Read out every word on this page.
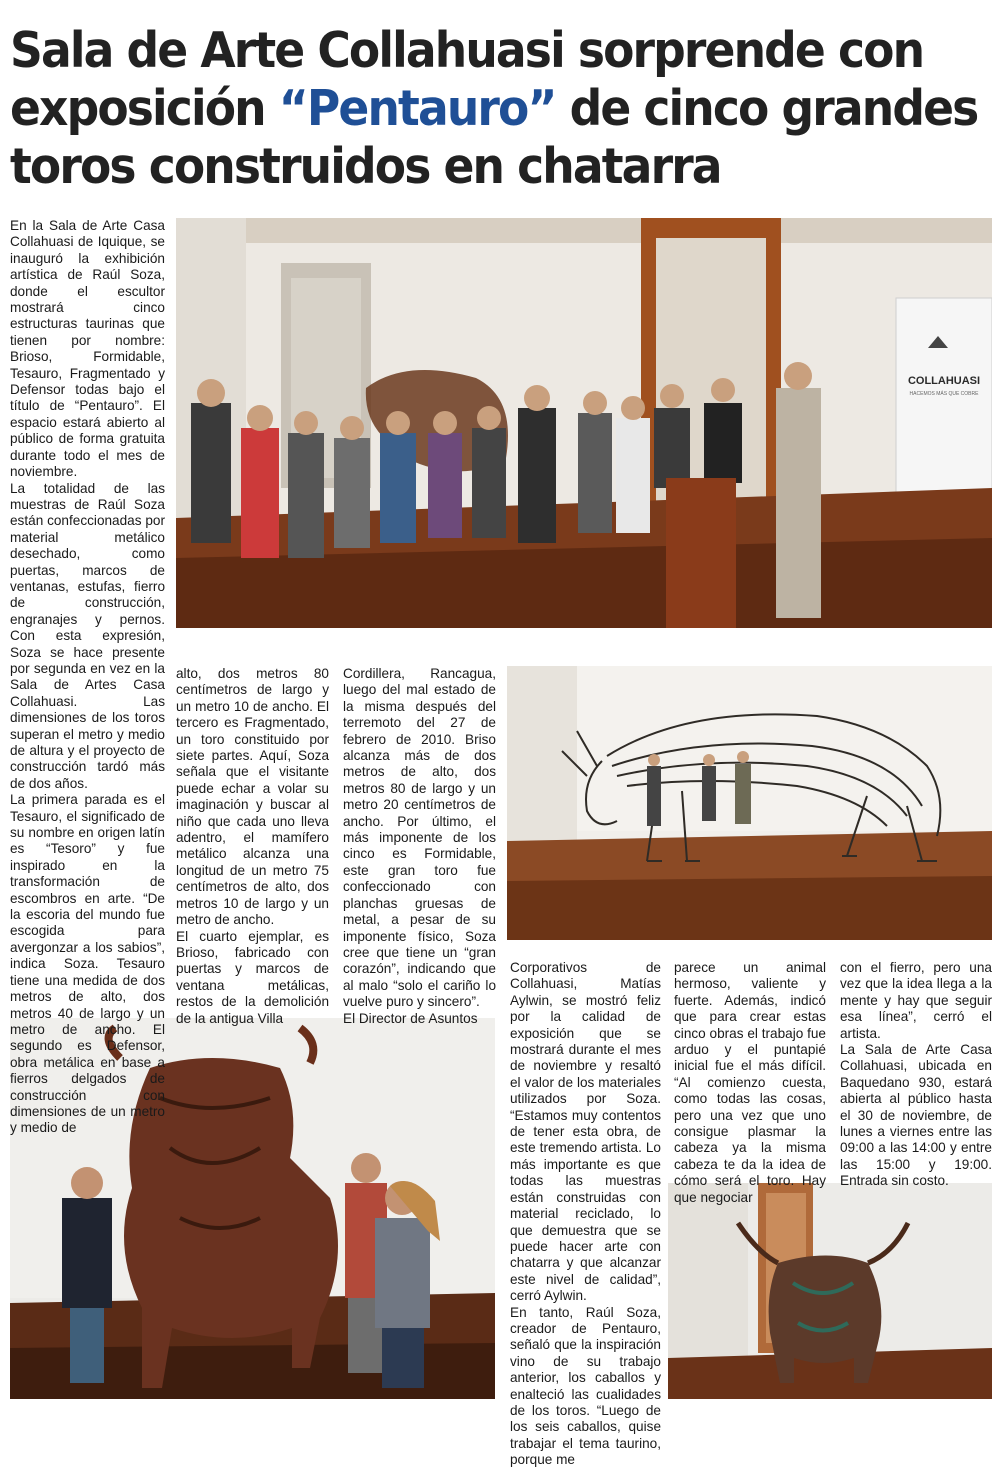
Sala de Arte Collahuasi sorprende con
exposición “Pentauro” de cinco grandes
toros construidos en chatarra
COLLAHUASI
HACEMOS MÁS QUE COBRE

En la Sala de Arte Casa Collahuasi de Iquique, se inauguró la exhibición artística de Raúl Soza, donde el escultor mostrará cinco estructuras taurinas que tienen por nombre: Brioso, Formidable, Tesauro, Fragmentado y Defensor todas bajo el título de “Pentauro”. El espacio estará abierto al público de forma gratuita durante todo el mes de noviembre.

La totalidad de las muestras de Raúl Soza están confeccionadas por material metálico desechado, como puertas, marcos de ventanas, estufas, fierro de construcción, engranajes y pernos. Con esta expresión, Soza se hace presente por segunda en vez en la Sala de Artes Casa Collahuasi. Las dimensiones de los toros superan el metro y medio de altura y el proyecto de construcción tardó más de dos años.

La primera parada es el Tesauro, el significado de su nombre en origen latín es “Tesoro” y fue inspirado en la transformación de escombros en arte. “De la escoria del mundo fue escogida para avergonzar a los sabios”, indica Soza. Tesauro tiene una medida de dos metros de alto, dos metros 40 de largo y un metro de ancho. El segundo es Defensor, obra metálica en base a fierros delgados de construcción con dimensiones de un metro y medio de

alto, dos metros 80 centímetros de largo y un metro 10 de ancho. El tercero es Fragmentado, un toro constituido por siete partes. Aquí, Soza señala que el visitante puede echar a volar su imaginación y buscar al niño que cada uno lleva adentro, el mamífero metálico alcanza una longitud de un metro 75 centímetros de alto, dos metros 10 de largo y un metro de ancho.

El cuarto ejemplar, es Brioso, fabricado con puertas y marcos de ventana metálicas, restos de la demolición de la antigua Villa

Cordillera, Rancagua, luego del mal estado de la misma después del terremoto del 27 de febrero de 2010. Briso alcanza más de dos metros de alto, dos metros 80 de largo y un metro 20 centímetros de ancho. Por último, el más imponente de los cinco es Formidable, este gran toro fue confeccionado con planchas gruesas de metal, a pesar de su imponente físico, Soza cree que tiene un “gran corazón”, indicando que al malo “solo el cariño lo vuelve puro y sincero”.

El Director de Asuntos

Corporativos de Collahuasi, Matías Aylwin, se mostró feliz por la calidad de exposición que se mostrará durante el mes de noviembre y resaltó el valor de los materiales utilizados por Soza. “Estamos muy contentos de tener esta obra, de este tremendo artista. Lo más importante es que todas las muestras están construidas con material reciclado, lo que demuestra que se puede hacer arte con chatarra y que alcanzar este nivel de calidad”, cerró Aylwin.

En tanto, Raúl Soza, creador de Pentauro, señaló que la inspiración vino de su trabajo anterior, los caballos y enalteció las cualidades de los toros. “Luego de los seis caballos, quise trabajar el tema taurino, porque me

parece un animal hermoso, valiente y fuerte. Además, indicó que para crear estas cinco obras el trabajo fue arduo y el puntapié inicial fue el más difícil. “Al comienzo cuesta, como todas las cosas, pero una vez que uno consigue plasmar la cabeza ya la misma cabeza te da la idea de cómo será el toro. Hay que negociar

con el fierro, pero una vez que la idea llega a la mente y hay que seguir esa línea”, cerró el artista.

La Sala de Arte Casa Collahuasi, ubicada en Baquedano 930, estará abierta al público hasta el 30 de noviembre, de lunes a viernes entre las 09:00 a las 14:00 y entre las 15:00 y 19:00. Entrada sin costo.
